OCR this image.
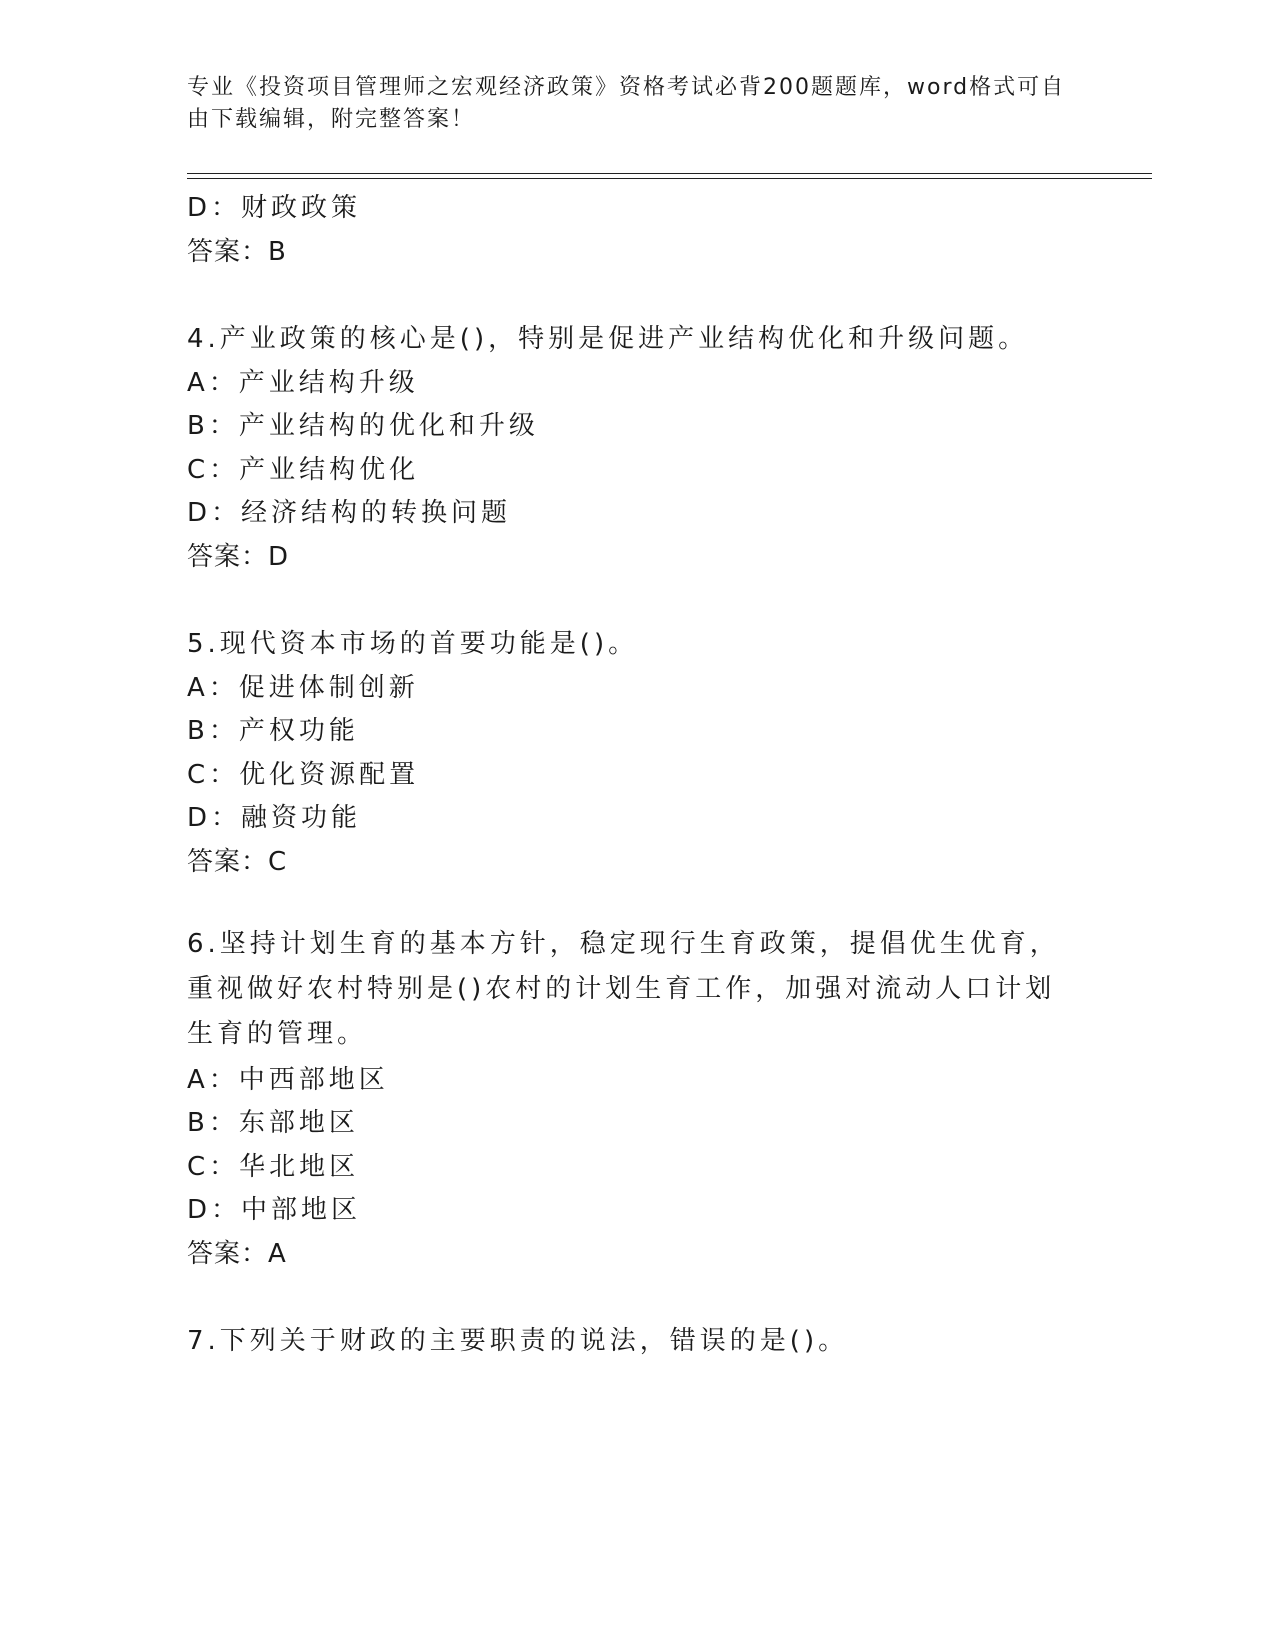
专业《投资项目管理师之宏观经济政策》资格考试必背200题题库，word格式可自由下载编辑，附完整答案！
D：财政政策
答案：B
4.产业政策的核心是()，特别是促进产业结构优化和升级问题。
A：产业结构升级
B：产业结构的优化和升级
C：产业结构优化
D：经济结构的转换问题
答案：D
5.现代资本市场的首要功能是()。
A：促进体制创新
B：产权功能
C：优化资源配置
D：融资功能
答案：C
6.坚持计划生育的基本方针，稳定现行生育政策，提倡优生优育，重视做好农村特别是()农村的计划生育工作，加强对流动人口计划生育的管理。
A：中西部地区
B：东部地区
C：华北地区
D：中部地区
答案：A
7.下列关于财政的主要职责的说法，错误的是()。
